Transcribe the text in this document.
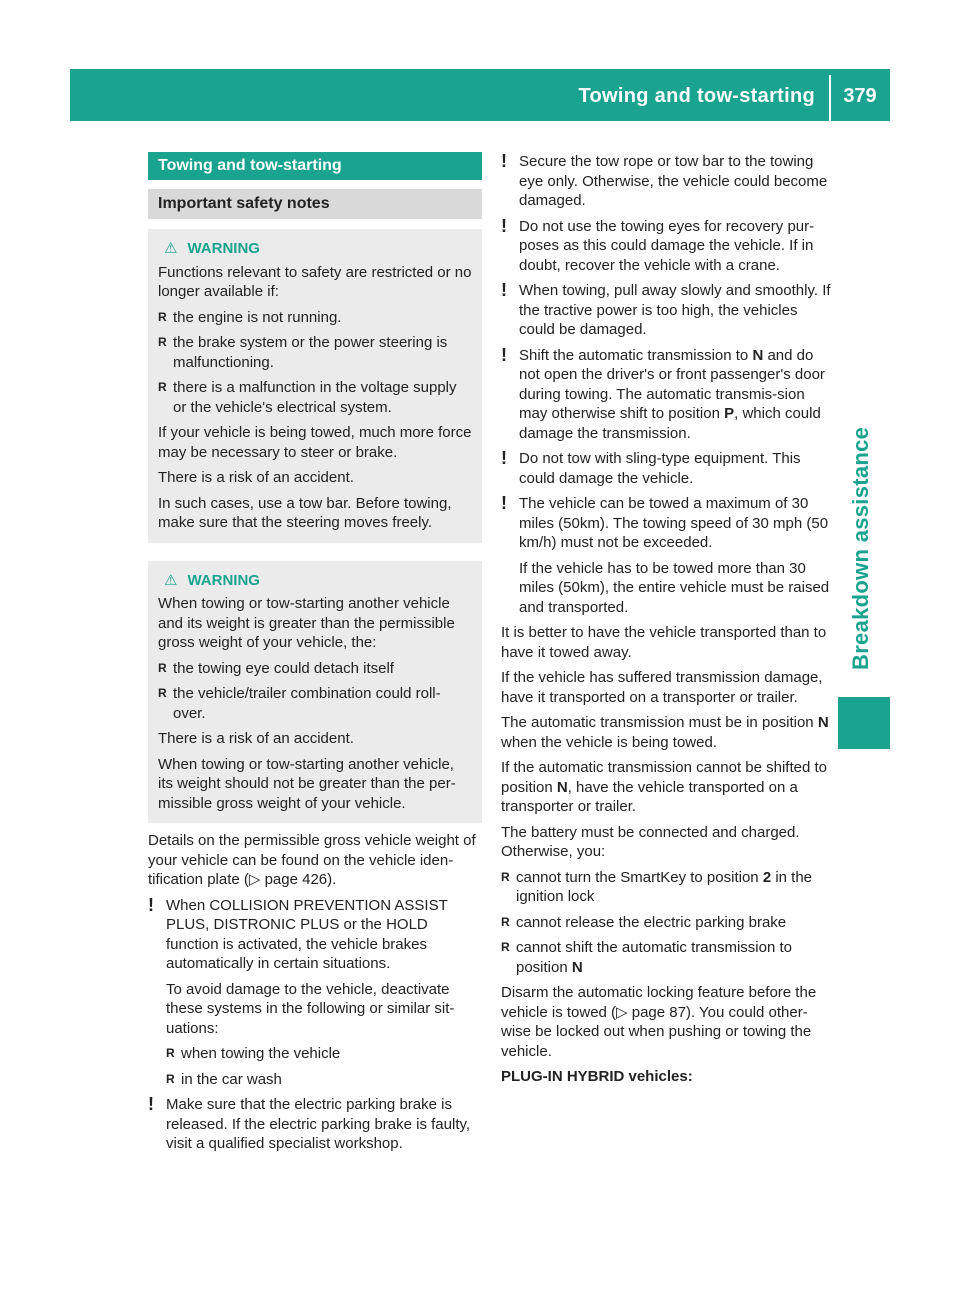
Towing and tow-starting	379
Breakdown assistance
Towing and tow-starting
Important safety notes
⚠ WARNING

Functions relevant to safety are restricted or no longer available if:

R the engine is not running.
R the brake system or the power steering is malfunctioning.
R there is a malfunction in the voltage supply or the vehicle's electrical system.

If your vehicle is being towed, much more force may be necessary to steer or brake.

There is a risk of an accident.

In such cases, use a tow bar. Before towing, make sure that the steering moves freely.

⚠ WARNING

When towing or tow-starting another vehicle and its weight is greater than the permissible gross weight of your vehicle, the:

R the towing eye could detach itself
R the vehicle/trailer combination could roll-over.

There is a risk of an accident.

When towing or tow-starting another vehicle, its weight should not be greater than the per-missible gross weight of your vehicle.

Details on the permissible gross vehicle weight of your vehicle can be found on the vehicle iden-tification plate (▷ page 426).

! When COLLISION PREVENTION ASSIST PLUS, DISTRONIC PLUS or the HOLD function is activated, the vehicle brakes automatically in certain situations.

To avoid damage to the vehicle, deactivate these systems in the following or similar sit-uations:

R when towing the vehicle
R in the car wash
! Make sure that the electric parking brake is released. If the electric parking brake is faulty, visit a qualified specialist workshop.
! Secure the tow rope or tow bar to the towing eye only. Otherwise, the vehicle could become damaged.
! Do not use the towing eyes for recovery pur-poses as this could damage the vehicle. If in doubt, recover the vehicle with a crane.
! When towing, pull away slowly and smoothly. If the tractive power is too high, the vehicles could be damaged.
! Shift the automatic transmission to N and do not open the driver's or front passenger's door during towing. The automatic transmis-sion may otherwise shift to position P, which could damage the transmission.
! Do not tow with sling-type equipment. This could damage the vehicle.
! The vehicle can be towed a maximum of 30 miles (50km). The towing speed of 30 mph (50 km/h) must not be exceeded.

If the vehicle has to be towed more than 30 miles (50km), the entire vehicle must be raised and transported.

It is better to have the vehicle transported than to have it towed away.

If the vehicle has suffered transmission damage, have it transported on a transporter or trailer.

The automatic transmission must be in position N when the vehicle is being towed.

If the automatic transmission cannot be shifted to position N, have the vehicle transported on a transporter or trailer.

The battery must be connected and charged. Otherwise, you:

R cannot turn the SmartKey to position 2 in the ignition lock
R cannot release the electric parking brake
R cannot shift the automatic transmission to position N

Disarm the automatic locking feature before the vehicle is towed (▷ page 87). You could other-wise be locked out when pushing or towing the vehicle.

PLUG-IN HYBRID vehicles:
